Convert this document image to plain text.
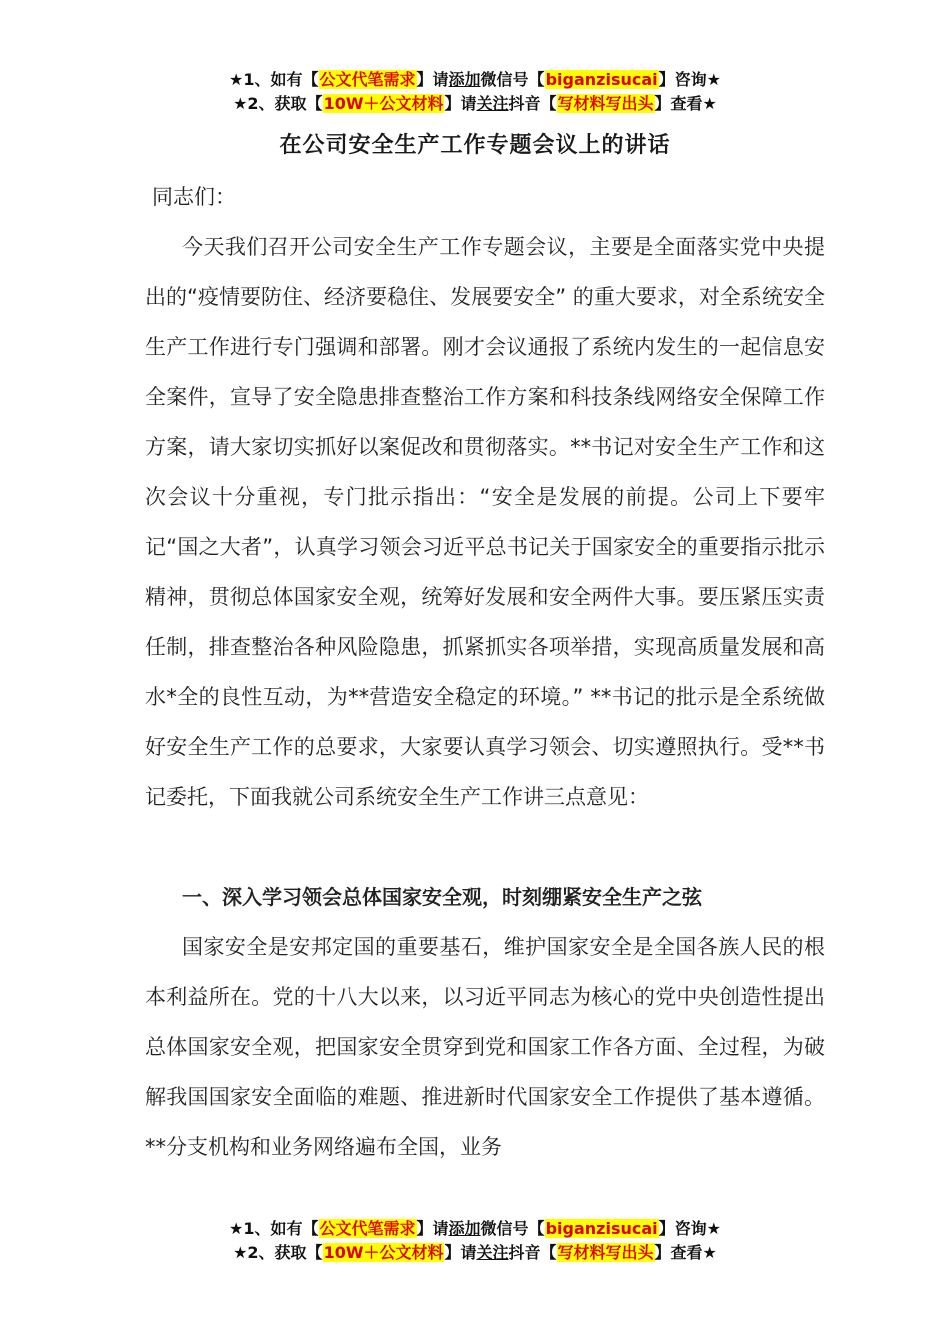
★1、如有【公文代笔需求】请添加微信号【biganzisucai】咨询★
★2、获取【10W＋公文材料】请关注抖音【写材料写出头】查看★
在公司安全生产工作专题会议上的讲话
同志们：
今天我们召开公司安全生产工作专题会议，主要是全面落实党中央提出的“疫情要防住、经济要稳住、发展要安全” 的重大要求，对全系统安全生产工作进行专门强调和部署。刚才会议通报了系统内发生的一起信息安全案件，宣导了安全隐患排查整治工作方案和科技条线网络安全保障工作方案，请大家切实抓好以案促改和贯彻落实。**书记对安全生产工作和这次会议十分重视，专门批示指出：“安全是发展的前提。公司上下要牢记“国之大者”，认真学习领会习近平总书记关于国家安全的重要指示批示精神，贯彻总体国家安全观，统筹好发展和安全两件大事。要压紧压实责任制，排查整治各种风险隐患，抓紧抓实各项举措，实现高质量发展和高水*全的良性互动，为**营造安全稳定的环境。” **书记的批示是全系统做好安全生产工作的总要求，大家要认真学习领会、切实遵照执行。受**书记委托，下面我就公司系统安全生产工作讲三点意见：
一、深入学习领会总体国家安全观，时刻绷紧安全生产之弦
国家安全是安邦定国的重要基石，维护国家安全是全国各族人民的根本利益所在。党的十八大以来，以习近平同志为核心的党中央创造性提出总体国家安全观，把国家安全贯穿到党和国家工作各方面、全过程，为破解我国国家安全面临的难题、推进新时代国家安全工作提供了基本遵循。**分支机构和业务网络遍布全国，业务
★1、如有【公文代笔需求】请添加微信号【biganzisucai】咨询★
★2、获取【10W＋公文材料】请关注抖音【写材料写出头】查看★
